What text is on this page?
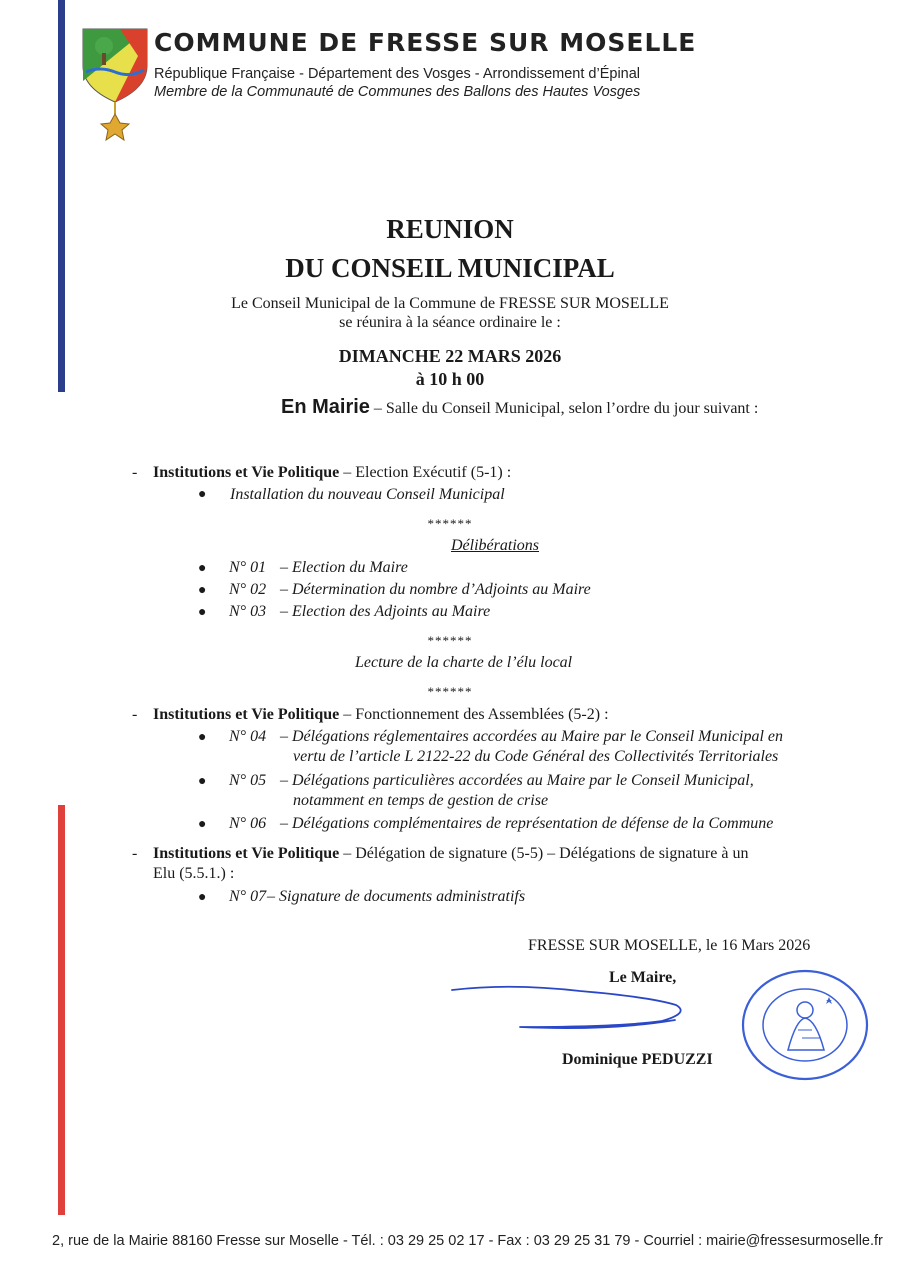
COMMUNE DE FRESSE SUR MOSELLE
République Française - Département des Vosges - Arrondissement d’Épinal
Membre de la Communauté de Communes des Ballons des Hautes Vosges
REUNION
DU CONSEIL MUNICIPAL
Le Conseil Municipal de la Commune de FRESSE SUR MOSELLE
se réunira à la séance ordinaire le :
DIMANCHE 22 MARS 2026
à 10 h 00
En Mairie – Salle du Conseil Municipal, selon l’ordre du jour suivant :
- Institutions et Vie Politique – Election Exécutif (5-1) :
● Installation du nouveau Conseil Municipal
******
Délibérations
● N° 01 – Election du Maire
● N° 02 – Détermination du nombre d’Adjoints au Maire
● N° 03 – Election des Adjoints au Maire
******
Lecture de la charte de l’élu local
******
- Institutions et Vie Politique – Fonctionnement des Assemblées (5-2) :
● N° 04 – Délégations réglementaires accordées au Maire par le Conseil Municipal en
vertu de l’article L 2122-22 du Code Général des Collectivités Territoriales
● N° 05 – Délégations particulières accordées au Maire par le Conseil Municipal,
notamment en temps de gestion de crise
● N° 06 – Délégations complémentaires de représentation de défense de la Commune
- Institutions et Vie Politique – Délégation de signature (5-5) – Délégations de signature à un
Elu (5.5.1.) :
● N° 07 – Signature de documents administratifs
FRESSE SUR MOSELLE, le 16 Mars 2026
Le Maire,
Dominique PEDUZZI
2, rue de la Mairie 88160 Fresse sur Moselle - Tél. : 03 29 25 02 17 - Fax : 03 29 25 31 79 - Courriel : mairie@fressesurmoselle.fr
